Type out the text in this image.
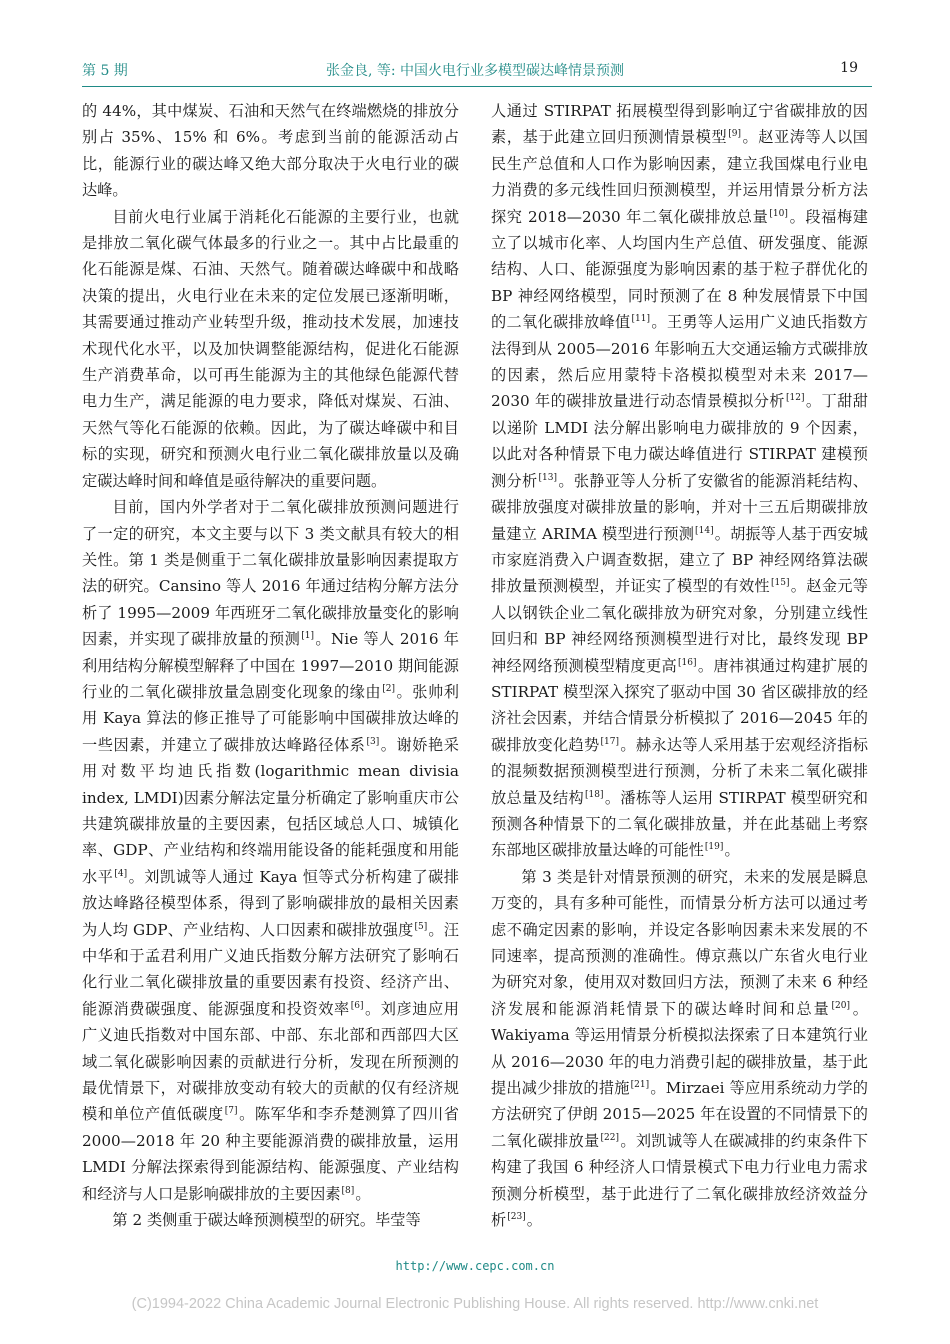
第 5 期	张金良, 等: 中国火电行业多模型碳达峰情景预测	19

的 44%，其中煤炭、石油和天然气在终端燃烧的排放分别占 35%、15% 和 6%。考虑到当前的能源活动占比，能源行业的碳达峰又绝大部分取决于火电行业的碳达峰。

目前火电行业属于消耗化石能源的主要行业，也就是排放二氧化碳气体最多的行业之一。其中占比最重的化石能源是煤、石油、天然气。随着碳达峰碳中和战略决策的提出，火电行业在未来的定位发展已逐渐明晰，其需要通过推动产业转型升级，推动技术发展，加速技术现代化水平，以及加快调整能源结构，促进化石能源生产消费革命，以可再生能源为主的其他绿色能源代替电力生产，满足能源的电力要求，降低对煤炭、石油、天然气等化石能源的依赖。因此，为了碳达峰碳中和目标的实现，研究和预测火电行业二氧化碳排放量以及确定碳达峰时间和峰值是亟待解决的重要问题。

目前，国内外学者对于二氧化碳排放预测问题进行了一定的研究，本文主要与以下 3 类文献具有较大的相关性。第 1 类是侧重于二氧化碳排放量影响因素提取方法的研究。Cansino 等人 2016 年通过结构分解方法分析了 1995—2009 年西班牙二氧化碳排放量变化的影响因素，并实现了碳排放量的预测[1]。Nie 等人 2016 年利用结构分解模型解释了中国在 1997—2010 期间能源行业的二氧化碳排放量急剧变化现象的缘由[2]。张帅利用 Kaya 算法的修正推导了可能影响中国碳排放达峰的一些因素，并建立了碳排放达峰路径体系[3]。谢娇艳采用对数平均迪氏指数(logarithmic mean divisia index, LMDI)因素分解法定量分析确定了影响重庆市公共建筑碳排放量的主要因素，包括区域总人口、城镇化率、GDP、产业结构和终端用能设备的能耗强度和用能水平[4]。刘凯诚等人通过 Kaya 恒等式分析构建了碳排放达峰路径模型体系，得到了影响碳排放的最相关因素为人均 GDP、产业结构、人口因素和碳排放强度[5]。汪中华和于孟君利用广义迪氏指数分解方法研究了影响石化行业二氧化碳排放量的重要因素有投资、经济产出、能源消费碳强度、能源强度和投资效率[6]。刘彦迪应用广义迪氏指数对中国东部、中部、东北部和西部四大区域二氧化碳影响因素的贡献进行分析，发现在所预测的最优情景下，对碳排放变动有较大的贡献的仅有经济规模和单位产值低碳度[7]。陈军华和李乔楚测算了四川省 2000—2018 年 20 种主要能源消费的碳排放量，运用 LMDI 分解法探索得到能源结构、能源强度、产业结构和经济与人口是影响碳排放的主要因素[8]。

第 2 类侧重于碳达峰预测模型的研究。毕莹等

人通过 STIRPAT 拓展模型得到影响辽宁省碳排放的因素，基于此建立回归预测情景模型[9]。赵亚涛等人以国民生产总值和人口作为影响因素，建立我国煤电行业电力消费的多元线性回归预测模型，并运用情景分析方法探究 2018—2030 年二氧化碳排放总量[10]。段福梅建立了以城市化率、人均国内生产总值、研发强度、能源结构、人口、能源强度为影响因素的基于粒子群优化的 BP 神经网络模型，同时预测了在 8 种发展情景下中国的二氧化碳排放峰值[11]。王勇等人运用广义迪氏指数方法得到从 2005—2016 年影响五大交通运输方式碳排放的因素，然后应用蒙特卡洛模拟模型对未来 2017—2030 年的碳排放量进行动态情景模拟分析[12]。丁甜甜以递阶 LMDI 法分解出影响电力碳排放的 9 个因素，以此对各种情景下电力碳达峰值进行 STIRPAT 建模预测分析[13]。张静亚等人分析了安徽省的能源消耗结构、碳排放强度对碳排放量的影响，并对十三五后期碳排放量建立 ARIMA 模型进行预测[14]。胡振等人基于西安城市家庭消费入户调查数据，建立了 BP 神经网络算法碳排放量预测模型，并证实了模型的有效性[15]。赵金元等人以钢铁企业二氧化碳排放为研究对象，分别建立线性回归和 BP 神经网络预测模型进行对比，最终发现 BP 神经网络预测模型精度更高[16]。唐祎祺通过构建扩展的 STIRPAT 模型深入探究了驱动中国 30 省区碳排放的经济社会因素，并结合情景分析模拟了 2016—2045 年的碳排放变化趋势[17]。赫永达等人采用基于宏观经济指标的混频数据预测模型进行预测，分析了未来二氧化碳排放总量及结构[18]。潘栋等人运用 STIRPAT 模型研究和预测各种情景下的二氧化碳排放量，并在此基础上考察东部地区碳排放量达峰的可能性[19]。

第 3 类是针对情景预测的研究，未来的发展是瞬息万变的，具有多种可能性，而情景分析方法可以通过考虑不确定因素的影响，并设定各影响因素未来发展的不同速率，提高预测的准确性。傅京燕以广东省火电行业为研究对象，使用双对数回归方法，预测了未来 6 种经济发展和能源消耗情景下的碳达峰时间和总量[20]。Wakiyama 等运用情景分析模拟法探索了日本建筑行业从 2016—2030 年的电力消费引起的碳排放量，基于此提出减少排放的措施[21]。Mirzaei 等应用系统动力学的方法研究了伊朗 2015—2025 年在设置的不同情景下的二氧化碳排放量[22]。刘凯诚等人在碳减排的约束条件下构建了我国 6 种经济人口情景模式下电力行业电力需求预测分析模型，基于此进行了二氧化碳排放经济效益分析[23]。

http://www.cepc.com.cn
(C)1994-2022 China Academic Journal Electronic Publishing House. All rights reserved. http://www.cnki.net
